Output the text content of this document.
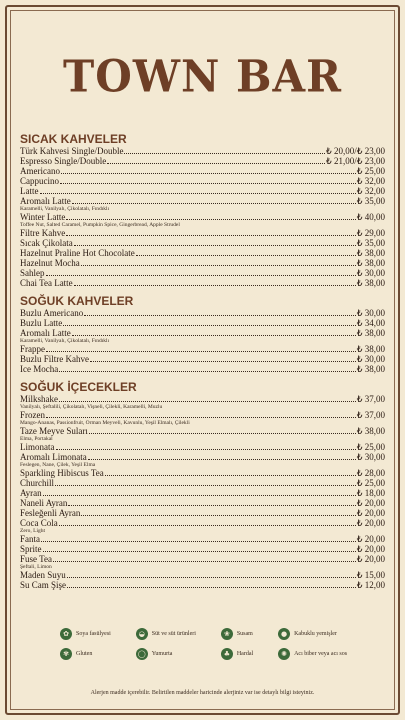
TOWN BAR
SICAK KAHVELER
Türk Kahvesi Single/Double	₺ 20,00/₺ 23,00
Espresso Single/Double	₺ 21,00/₺ 23,00
Americano	₺ 25,00
Cappucino	₺ 32,00
Latte	₺ 32,00
Aromalı Latte	₺ 35,00
Karamelli, Vanilyalı, Çikolatalı, Fındıklı
Winter Latte	₺ 40,00
Toffee Nut, Salted Caramel, Pumpkin Spice, Gingerbread, Apple Strudel
Filtre Kahve	₺ 29,00
Sıcak Çikolata	₺ 35,00
Hazelnut Praline Hot Chocolate	₺ 38,00
Hazelnut Mocha	₺ 38,00
Sahlep	₺ 30,00
Chai Tea Latte	₺ 38,00
SOĞUK KAHVELER
Buzlu Americano	₺ 30,00
Buzlu Latte	₺ 34,00
Aromalı Latte	₺ 38,00
Karamelli, Vanilyalı, Çikolatalı, Fındıklı
Frappe	₺ 38,00
Buzlu Filtre Kahve	₺ 30,00
Ice Mocha	₺ 38,00
SOĞUK İÇECEKLER
Milkshake	₺ 37,00
Vanilyalı, Şeftalili, Çikolatalı, Vişneli, Çilekli, Karamelli, Muzlu
Frozen	₺ 37,00
Mango-Ananas, Passionfruit, Orman Meyveli, Kavunlu, Yeşil Elmalı, Çilekli
Taze Meyve Suları	₺ 38,00
Elma, Portakal
Limonata	₺ 25,00
Aromalı Limonata	₺ 30,00
Feslegen, Nane, Çilek, Yeşil Elma
Sparkling Hibiscus Tea	₺ 28,00
Churchill	₺ 25,00
Ayran	₺ 18,00
Naneli Ayran	₺ 20,00
Fesleğenli Ayran	₺ 20,00
Coca Cola	₺ 20,00
Zero, Light
Fanta	₺ 20,00
Sprite	₺ 20,00
Fuse Tea	₺ 20,00
Şeftali, Limon
Maden Suyu	₺ 15,00
Su Cam Şişe	₺ 12,00
✿	Soya fasülyesi	◒	Süt ve süt ürünleri	❀	Susam	●	Kabuklu yemişler
✾	Gluten	◯	Yumurta	♣	Hardal	✺	Acı biber veya acı sos
Alerjen madde içerebilir. Belirtilen maddeler haricinde alerjiniz var ise detaylı bilgi isteyiniz.
